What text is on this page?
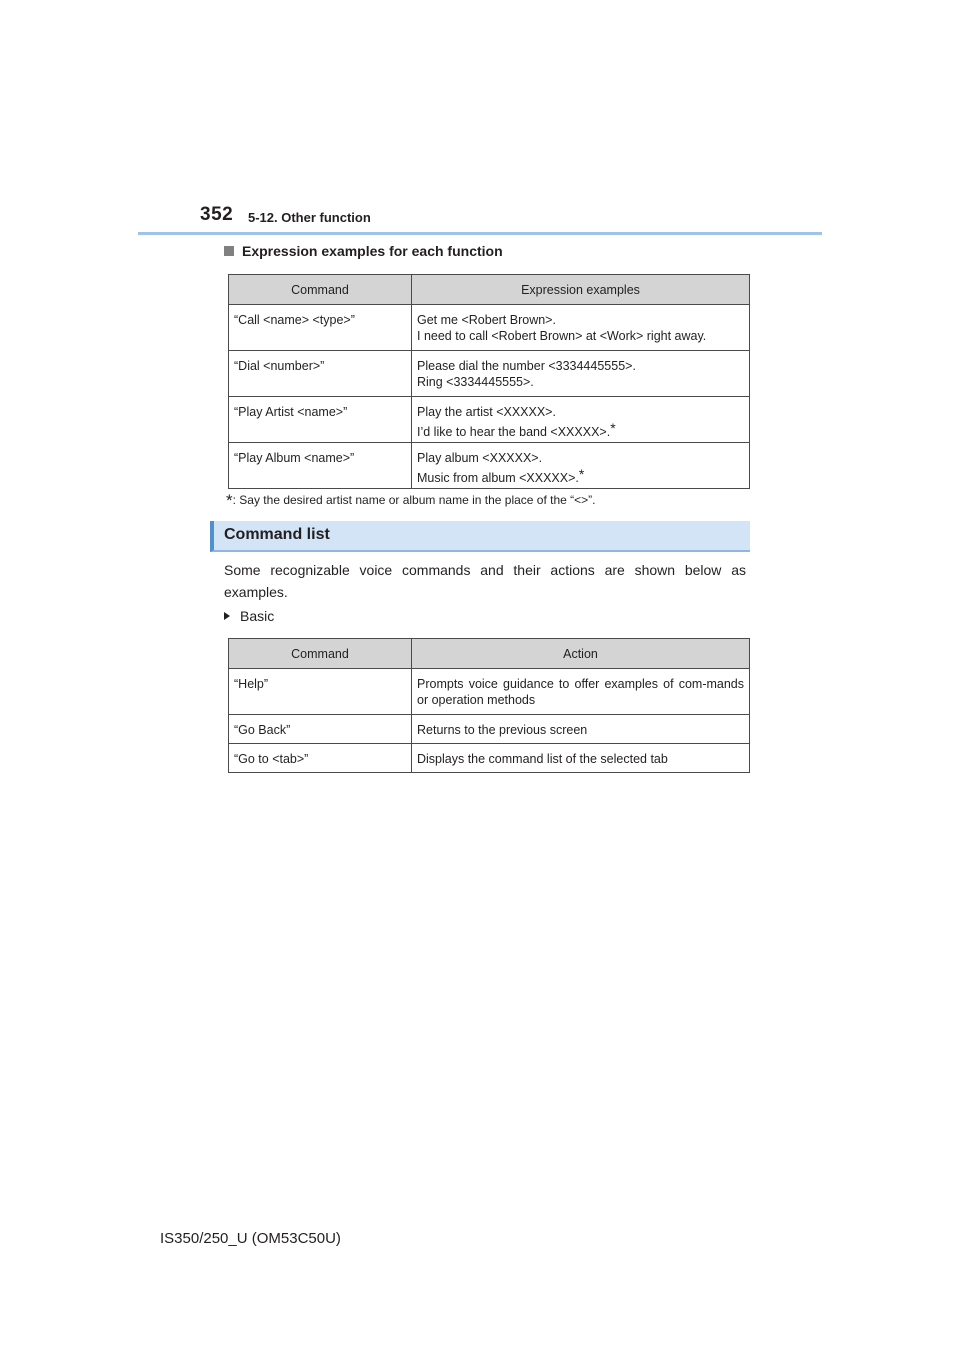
352 5-12. Other function
Expression examples for each function
Command	Expression examples
“Call <name> <type>”	Get me <Robert Brown>.
I need to call <Robert Brown> at <Work> right away.
“Dial <number>”	Please dial the number <3334445555>.
Ring <3334445555>.
“Play Artist <name>”	Play the artist <XXXXX>.
I’d like to hear the band <XXXXX>.*
“Play Album <name>”	Play album <XXXXX>.
Music from album <XXXXX>.*
*: Say the desired artist name or album name in the place of the “<>”.
Command list
Some recognizable voice commands and their actions are shown below as examples.
Basic
Command	Action
“Help”	Prompts voice guidance to offer examples of com-mands or operation methods
“Go Back”	Returns to the previous screen
“Go to <tab>”	Displays the command list of the selected tab
IS350/250_U (OM53C50U)
